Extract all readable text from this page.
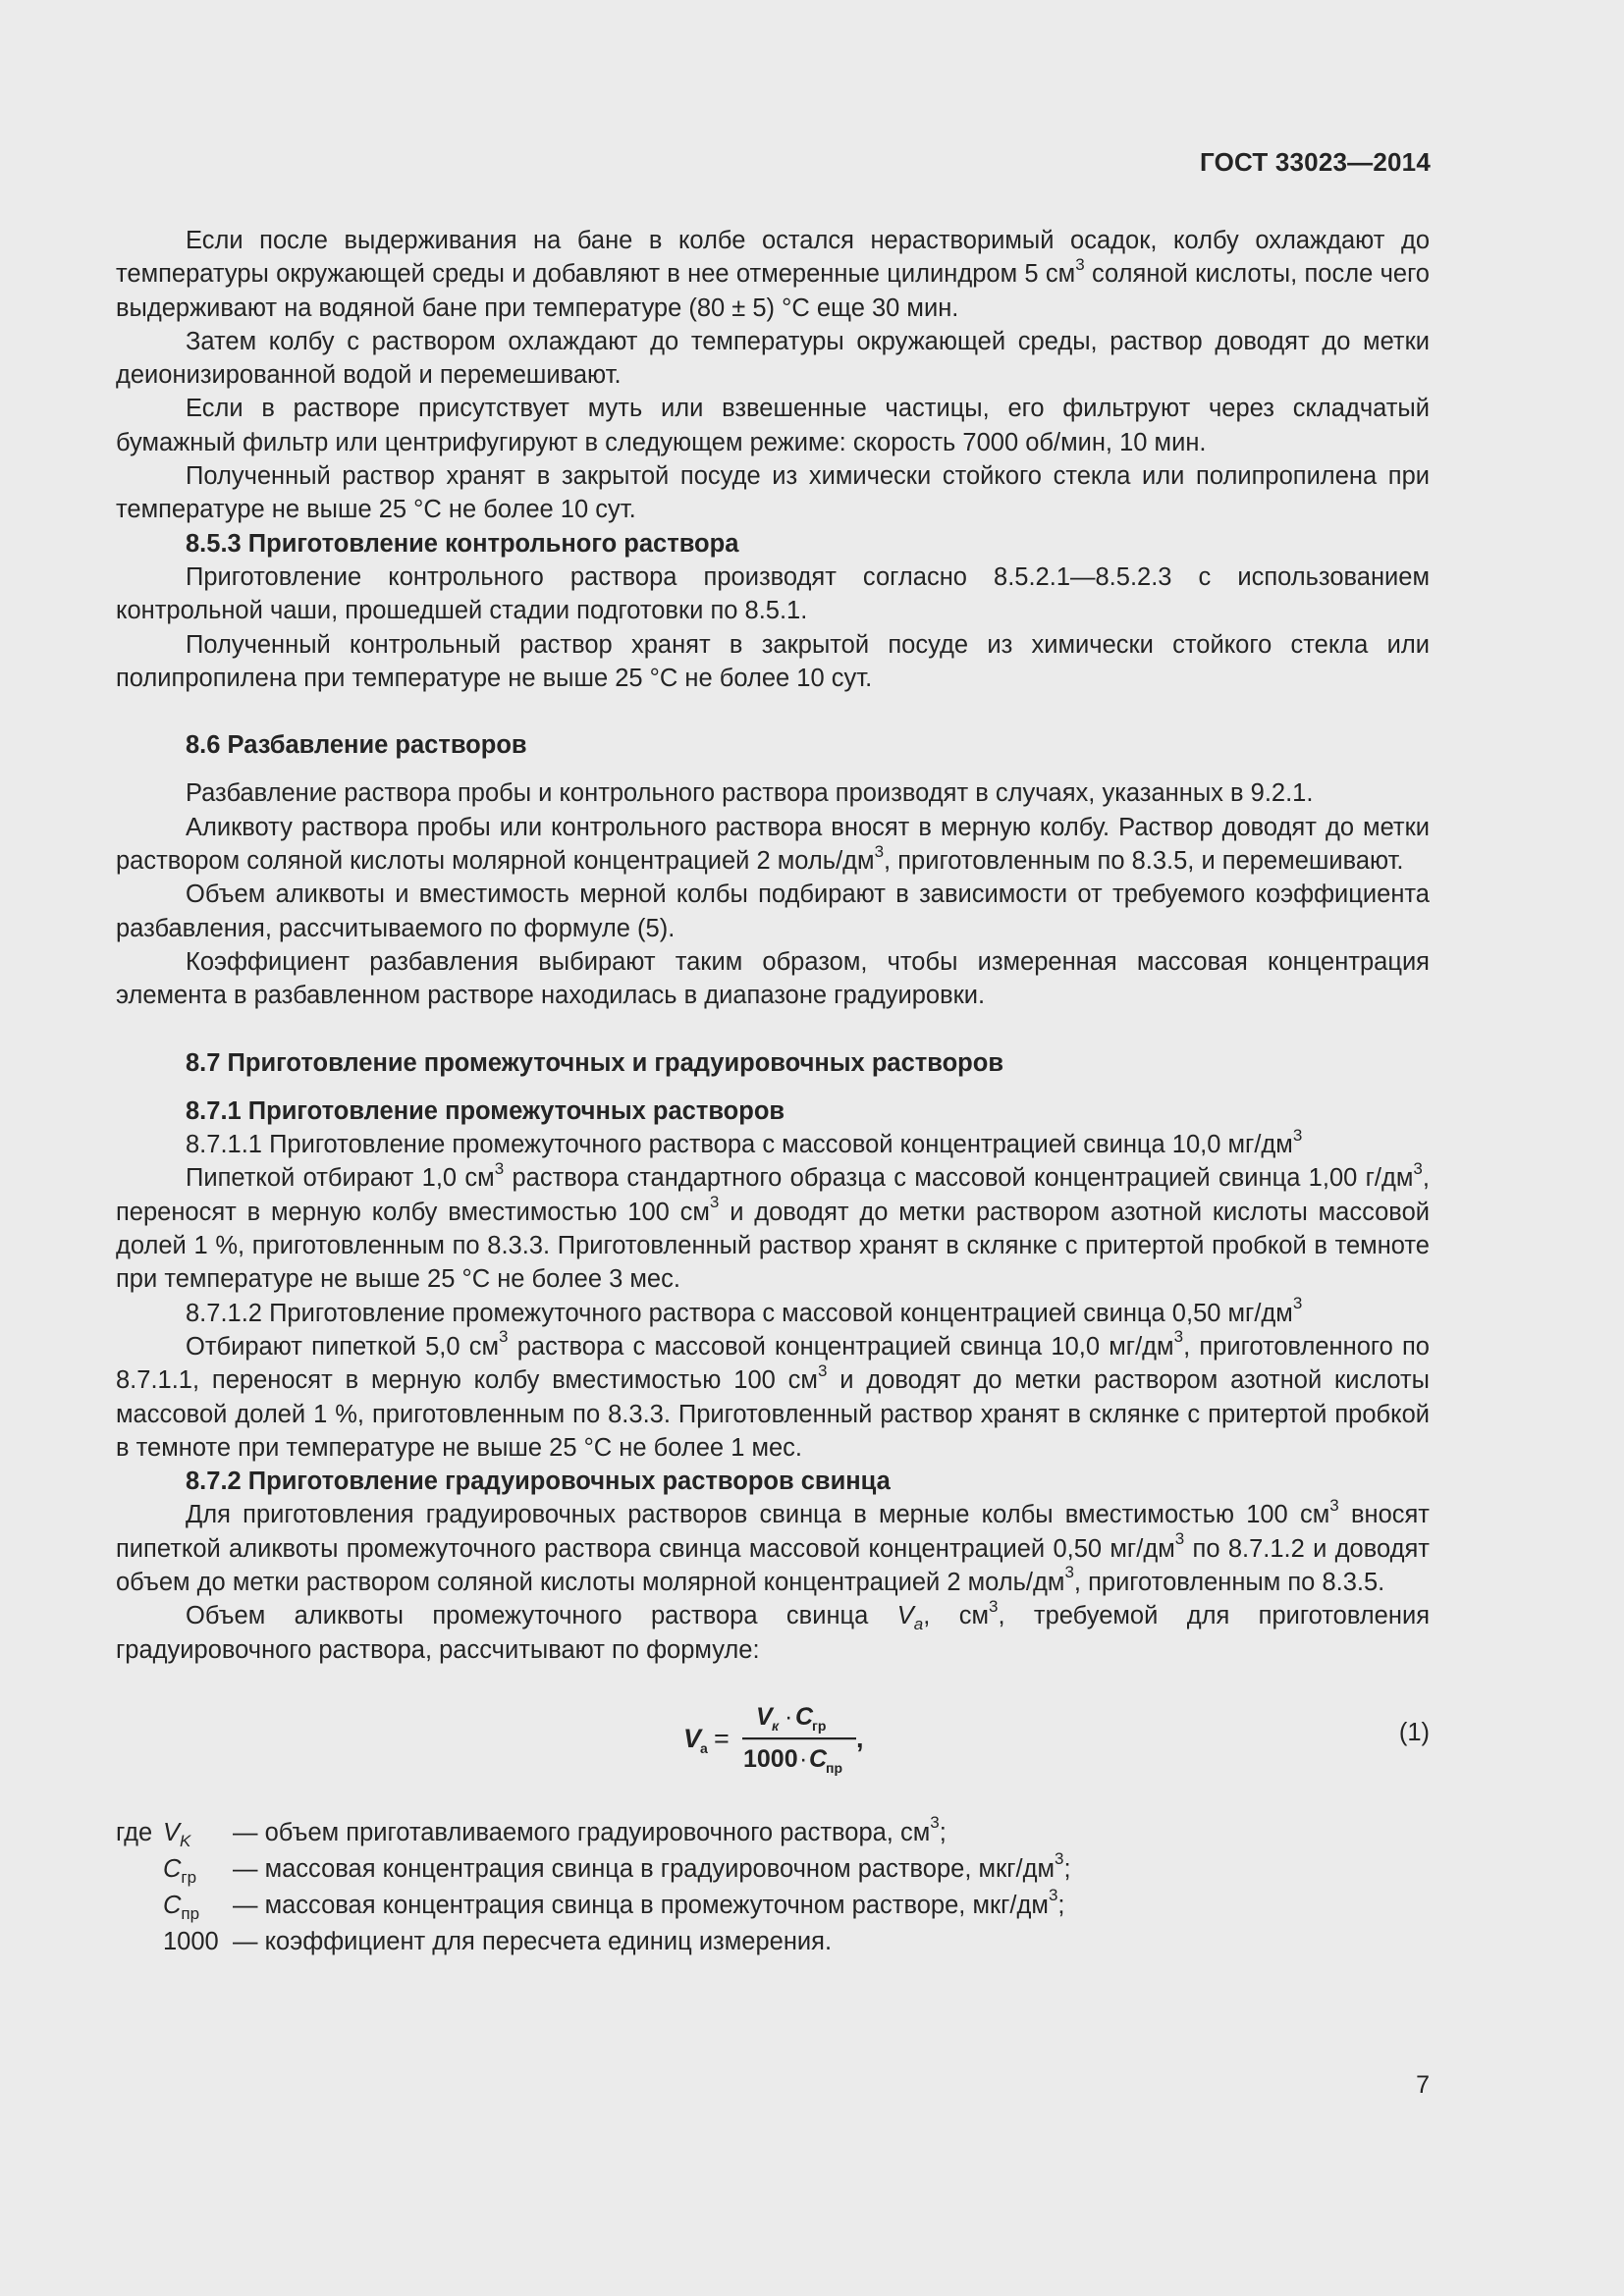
ГОСТ 33023—2014

Если после выдерживания на бане в колбе остался нерастворимый осадок, колбу охлаждают до температуры окружающей среды и добавляют в нее отмеренные цилиндром 5 $см^3$ соляной кислоты, после чего выдерживают на водяной бане при температуре (80 ± 5) °С еще 30 мин.

Затем колбу с раствором охлаждают до температуры окружающей среды, раствор доводят до метки деионизированной водой и перемешивают.

Если в растворе присутствует муть или взвешенные частицы, его фильтруют через складчатый бумажный фильтр или центрифугируют в следующем режиме: скорость 7000 об/мин, 10 мин.

Полученный раствор хранят в закрытой посуде из химически стойкого стекла или полипропилена при температуре не выше 25 °С не более 10 сут.

8.5.3 Приготовление контрольного раствора

Приготовление контрольного раствора производят согласно 8.5.2.1—8.5.2.3 с использованием контрольной чаши, прошедшей стадии подготовки по 8.5.1.

Полученный контрольный раствор хранят в закрытой посуде из химически стойкого стекла или полипропилена при температуре не выше 25 °С не более 10 сут.

8.6 Разбавление растворов

Разбавление раствора пробы и контрольного раствора производят в случаях, указанных в 9.2.1.

Аликвоту раствора пробы или контрольного раствора вносят в мерную колбу. Раствор доводят до метки раствором соляной кислоты молярной концентрацией 2 моль/$дм^3$, приготовленным по 8.3.5, и перемешивают.

Объем аликвоты и вместимость мерной колбы подбирают в зависимости от требуемого коэффициента разбавления, рассчитываемого по формуле (5).

Коэффициент разбавления выбирают таким образом, чтобы измеренная массовая концентрация элемента в разбавленном растворе находилась в диапазоне градуировки.

8.7 Приготовление промежуточных и градуировочных растворов
8.7.1 Приготовление промежуточных растворов

8.7.1.1 Приготовление промежуточного раствора с массовой концентрацией свинца 10,0 $мг/дм^3$

Пипеткой отбирают 1,0 $см^3$ раствора стандартного образца с массовой концентрацией свинца 1,00 $г/дм^3$, переносят в мерную колбу вместимостью 100 $см^3$ и доводят до метки раствором азотной кислоты массовой долей 1 %, приготовленным по 8.3.3. Приготовленный раствор хранят в склянке с притертой пробкой в темноте при температуре не выше 25 °С не более 3 мес.

8.7.1.2 Приготовление промежуточного раствора с массовой концентрацией свинца 0,50 $мг/дм^3$

Отбирают пипеткой 5,0 $см^3$ раствора с массовой концентрацией свинца 10,0 $мг/дм^3$, приготовленного по 8.7.1.1, переносят в мерную колбу вместимостью 100 $см^3$ и доводят до метки раствором азотной кислоты массовой долей 1 %, приготовленным по 8.3.3. Приготовленный раствор хранят в склянке с притертой пробкой в темноте при температуре не выше 25 °С не более 1 мес.

8.7.2 Приготовление градуировочных растворов свинца

Для приготовления градуировочных растворов свинца в мерные колбы вместимостью 100 $см^3$ вносят пипеткой аликвоты промежуточного раствора свинца массовой концентрацией 0,50 $мг/дм^3$ по 8.7.1.2 и доводят объем до метки раствором соляной кислоты молярной концентрацией 2 моль/$дм^3$, приготовленным по 8.3.5.

Объем аликвоты промежуточного раствора свинца $V_a$, $см^3$, требуемой для приготовления градуировочного раствора, рассчитывают по формуле:

V
а =
V к · C
гр
1000 · C
пр
,	(1)
где $V_K$	— объем приготавливаемого градуировочного раствора, $см^3$;
$C_{гр}$	— массовая концентрация свинца в градуировочном растворе, мкг/$дм^3$;
$C_{пр}$	— массовая концентрация свинца в промежуточном растворе, мкг/$дм^3$;
1000 — коэффициент для пересчета единиц измерения.
7
